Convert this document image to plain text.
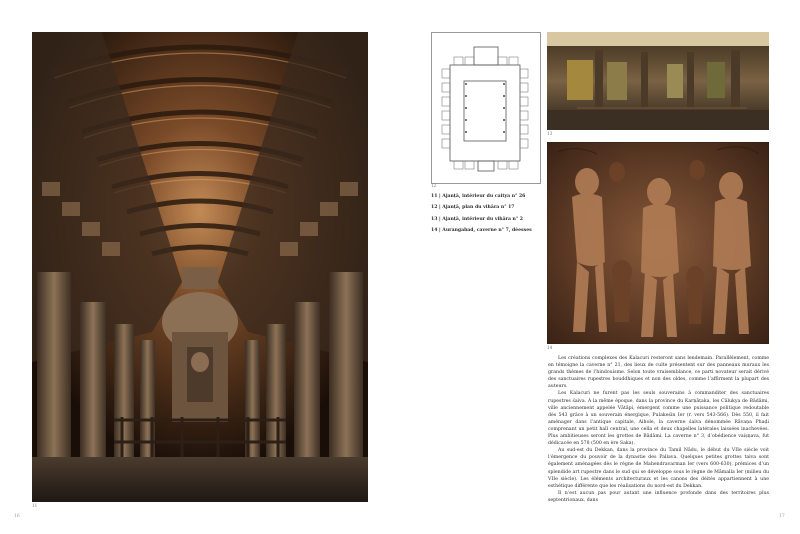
11
16
12
11 | Ajanṭā, intérieur du caitya n° 26
12 | Ajanṭā, plan du vihāra n° 17
13 | Ajanṭā, intérieur du vihāra n° 2
14 | Aurangabad, caverne n° 7, déesses
13
14

Les créations complexes des Kalacuri resteront sans lendemain. Parallèlement, comme en témoigne la caverne n° 21, des lieux de culte présentent sur des panneaux muraux les grands thèmes de l’hindouisme. Selon toute vraisemblance, ce parti novateur serait dérivé des sanctuaires rupestres bouddhiques et non des oldes, comme l’affirment la plupart des auteurs.

Les Kalacuri ne furent pas les seuls souverains à commanditer des sanctuaires rupestres śaiva. À la même époque, dans la province du Karṇāṭaka, les Cālukya de Bādāmi, ville anciennement appelée Vātāpi, émergent comme une puissance politique redoutable dès 543 grâce à un souverain énergique, Pulakeśin Ier (r. vers 543-566). Dès 550, il fait aménager dans l’antique capitale, Aihole, la caverne śaiva dénommée Rāvaṇa Phaḍi comprenant un petit hall central, une cella et deux chapelles latérales laissées inachevées. Plus ambitieuses seront les grottes de Bādāmi. La caverne n° 3, d’obédience vaiṣṇava, fut dédicacée en 578 (500 en ère Saka).

Au sud-est du Dekkan, dans la province du Tamil Nādu, le début du VIIe siècle voit l’émergence du pouvoir de la dynastie des Pallava. Quelques petites grottes taiva sont également aménagées dès le règne de Mahendravarman Ier (vers 600-630), prémices d’un splendide art rupestre dans le sud qui se développe sous le règne de Māmalla Ier (milieu du VIIe siècle). Les éléments architecturaux et les canons des déités appartiennent à une esthétique différente que les réalisations du nord-est du Dekkan.

Il n’est aucun pas pour autant une influence profonde dans des territoires plus septentrionaux, dans

17
